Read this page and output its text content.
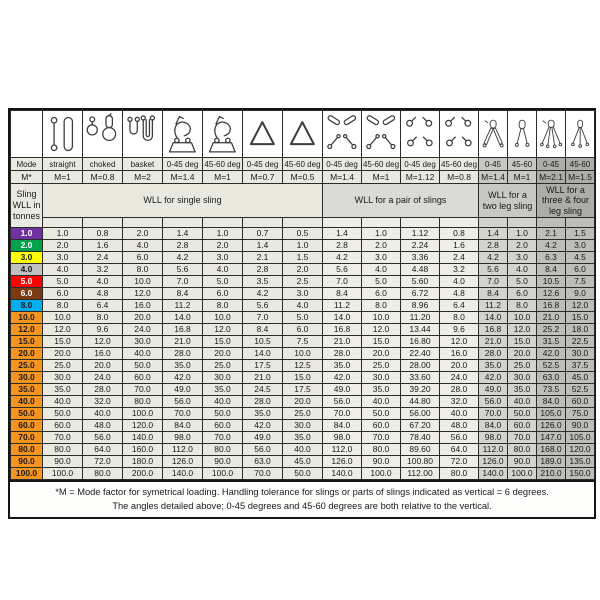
Mode	straight	choked	basket	0-45 deg	45-60 deg	0-45 deg	45-60 deg	0-45 deg	45-60 deg	0-45 deg	45-60 deg	0-45	45-60	0-45	45-60
M*	M=1	M=0.8	M=2	M=1.4	M=1	M=0.7	M=0.5	M=1.4	M=1	M=1.12	M=0.8	M=1.4	M=1	M=2.1	M=1.5

Sling
WLL in
tonnes	WLL for single sling							WLL for a pair of slings				WLL for a two leg sling		WLL for a three & four leg sling	

1.0	1.0	0.8	2.0	1.4	1.0	0.7	0.5	1.4	1.0	1.12	0.8	1.4	1.0	2.1	1.5
2.0	2.0	1.6	4.0	2.8	2.0	1.4	1.0	2.8	2.0	2.24	1.6	2.8	2.0	4.2	3.0
3.0	3.0	2.4	6.0	4.2	3.0	2.1	1.5	4.2	3.0	3.36	2.4	4.2	3.0	6.3	4.5
4.0	4.0	3.2	8.0	5.6	4.0	2.8	2.0	5.6	4.0	4.48	3.2	5.6	4.0	8.4	6.0
5.0	5.0	4.0	10.0	7.0	5.0	3.5	2.5	7.0	5.0	5.60	4.0	7.0	5.0	10.5	7.5
6.0	6.0	4.8	12.0	8.4	6.0	4.2	3.0	8.4	6.0	6.72	4.8	8.4	6.0	12.6	9.0
8.0	8.0	6.4	16.0	11.2	8.0	5.6	4.0	11.2	8.0	8.96	6.4	11.2	8.0	16.8	12.0
10.0	10.0	8.0	20.0	14.0	10.0	7.0	5.0	14.0	10.0	11.20	8.0	14.0	10.0	21.0	15.0
12.0	12.0	9.6	24.0	16.8	12.0	8.4	6.0	16.8	12.0	13.44	9.6	16.8	12.0	25.2	18.0
15.0	15.0	12.0	30.0	21.0	15.0	10.5	7.5	21.0	15.0	16.80	12.0	21.0	15.0	31.5	22.5
20.0	20.0	16.0	40.0	28.0	20.0	14.0	10.0	28.0	20.0	22.40	16.0	28.0	20.0	42.0	30.0
25.0	25.0	20.0	50.0	35.0	25.0	17.5	12.5	35.0	25.0	28.00	20.0	35.0	25.0	52.5	37.5
30.0	30.0	24.0	60.0	42.0	30.0	21.0	15.0	42.0	30.0	33.60	24.0	42.0	30.0	63.0	45.0
35.0	35.0	28.0	70.0	49.0	35.0	24.5	17.5	49.0	35.0	39.20	28.0	49.0	35.0	73.5	52.5
40.0	40.0	32.0	80.0	56.0	40.0	28.0	20.0	56.0	40.0	44.80	32.0	56.0	40.0	84.0	60.0
50.0	50.0	40.0	100.0	70.0	50.0	35.0	25.0	70.0	50.0	56.00	40.0	70.0	50.0	105.0	75.0
60.0	60.0	48.0	120.0	84.0	60.0	42.0	30.0	84.0	60.0	67.20	48.0	84.0	60.0	126.0	90.0
70.0	70.0	56.0	140.0	98.0	70.0	49.0	35.0	98.0	70.0	78.40	56.0	98.0	70.0	147.0	105.0
80.0	80.0	64.0	160.0	112.0	80.0	56.0	40.0	112.0	80.0	89.60	64.0	112.0	80.0	168.0	120.0
90.0	90.0	72.0	180.0	126.0	90.0	63.0	45.0	126.0	90.0	100.80	72.0	126.0	90.0	189.0	135.0
100.0	100.0	80.0	200.0	140.0	100.0	70.0	50.0	140.0	100.0	112.00	80.0	140.0	100.0	210.0	150.0
*M = Mode factor for symetrical loading. Handling tolerance for slings or parts of slings indicated as vertical = 6 degrees.
The angles detailed above; 0-45 degrees and 45-60 degrees are both relative to the vertical.
